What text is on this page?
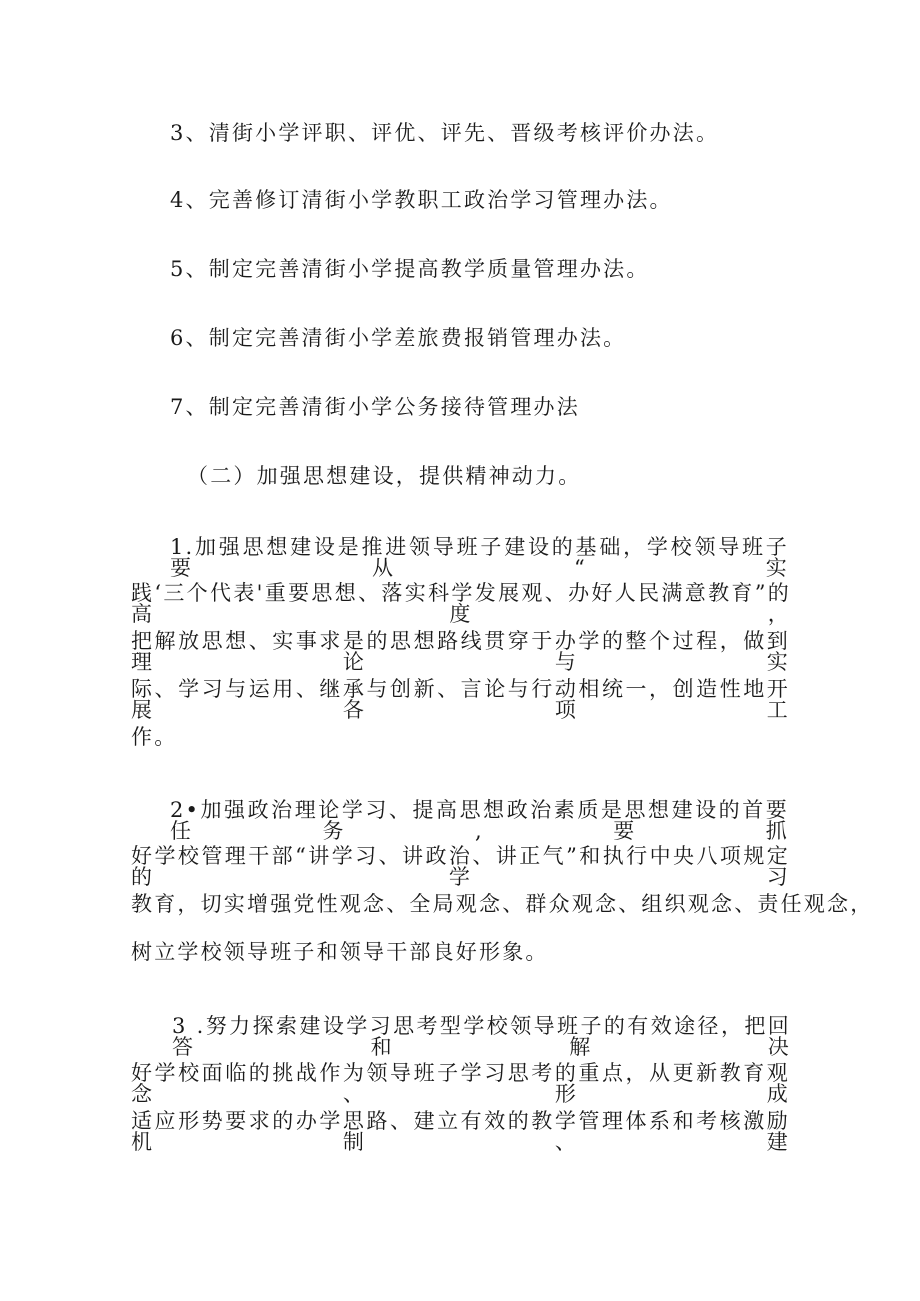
3、清街小学评职、评优、评先、晋级考核评价办法。
4、完善修订清街小学教职工政治学习管理办法。
5、制定完善清街小学提高教学质量管理办法。
6、制定完善清街小学差旅费报销管理办法。
7、制定完善清街小学公务接待管理办法
（二）加强思想建设，提供精神动力。
1.加强思想建设是推进领导班子建设的基础，学校领导班子要从“实
践‘三个代表'重要思想、落实科学发展观、办好人民满意教育”的高度，
把解放思想、实事求是的思想路线贯穿于办学的整个过程，做到理论与实
际、学习与运用、继承与创新、言论与行动相统一，创造性地开展各项工
作。
2•加强政治理论学习、提高思想政治素质是思想建设的首要任务,要抓
好学校管理干部“讲学习、讲政治、讲正气”和执行中央八项规定的学习
教育，切实增强党性观念、全局观念、群众观念、组织观念、责任观念，
树立学校领导班子和领导干部良好形象。
3 .努力探索建设学习思考型学校领导班子的有效途径，把回答和解决
好学校面临的挑战作为领导班子学习思考的重点，从更新教育观念、形成
适应形势要求的办学思路、建立有效的教学管理体系和考核激励机制、建
